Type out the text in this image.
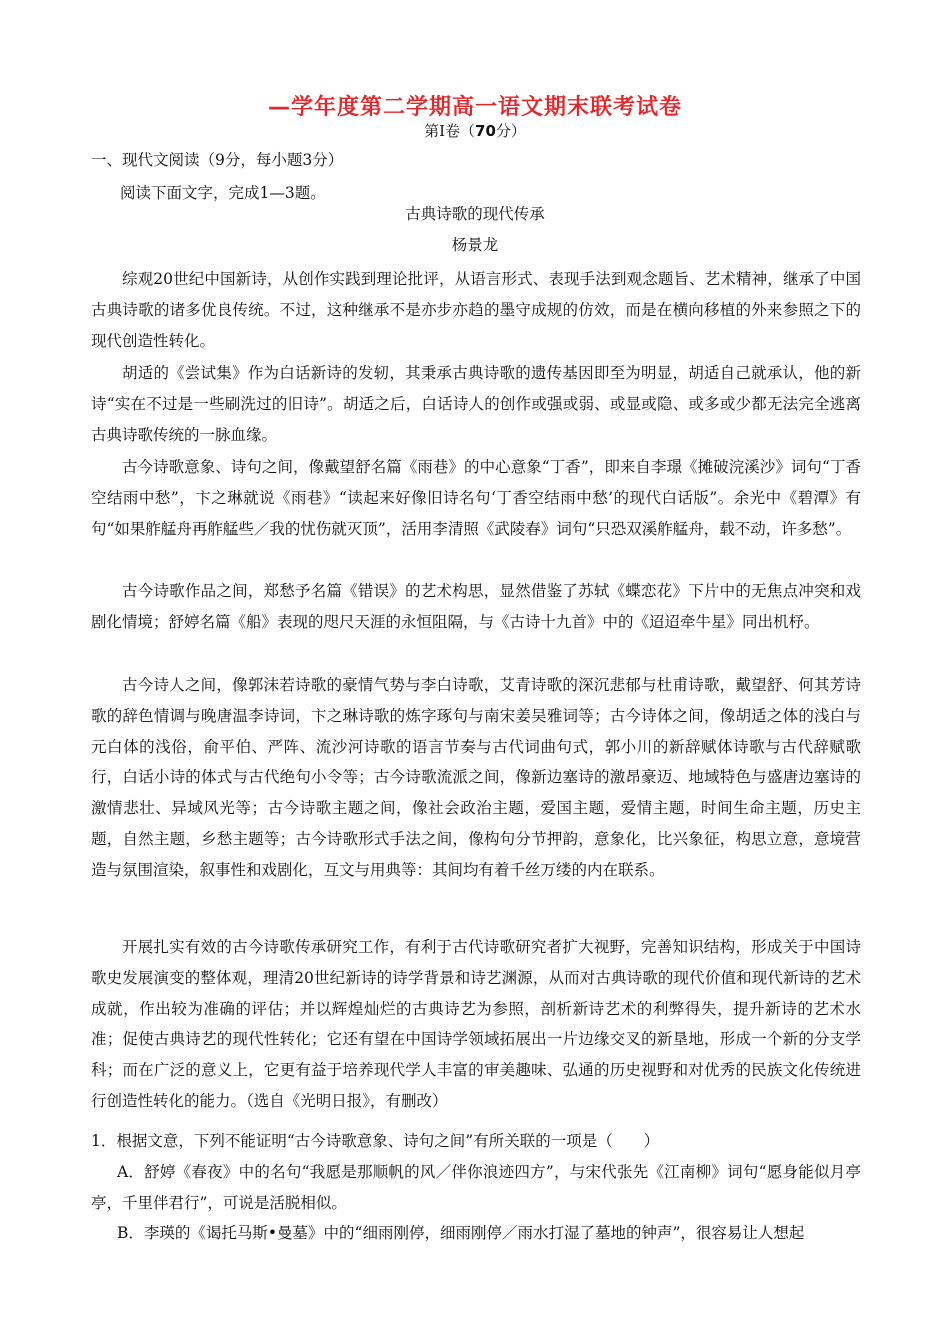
—学年度第二学期高一语文期末联考试卷
第Ⅰ卷（70分）
一、现代文阅读（9分，每小题3分）
阅读下面文字，完成1—3题。
古典诗歌的现代传承
杨景龙

综观20世纪中国新诗，从创作实践到理论批评，从语言形式、表现手法到观念题旨、艺术精神，继承了中国古典诗歌的诸多优良传统。不过，这种继承不是亦步亦趋的墨守成规的仿效，而是在横向移植的外来参照之下的现代创造性转化。

胡适的《尝试集》作为白话新诗的发轫，其秉承古典诗歌的遗传基因即至为明显，胡适自己就承认，他的新诗“实在不过是一些刷洗过的旧诗”。胡适之后，白话诗人的创作或强或弱、或显或隐、或多或少都无法完全逃离古典诗歌传统的一脉血缘。

古今诗歌意象、诗句之间，像戴望舒名篇《雨巷》的中心意象“丁香”，即来自李璟《摊破浣溪沙》词句“丁香空结雨中愁”，卞之琳就说《雨巷》“读起来好像旧诗名句‘丁香空结雨中愁’的现代白话版”。余光中《碧潭》有句“如果舴艋舟再舴艋些／我的忧伤就灭顶”，活用李清照《武陵春》词句“只恐双溪舴艋舟，载不动，许多愁”。

古今诗歌作品之间，郑愁予名篇《错误》的艺术构思，显然借鉴了苏轼《蝶恋花》下片中的无焦点冲突和戏剧化情境；舒婷名篇《船》表现的咫尺天涯的永恒阻隔，与《古诗十九首》中的《迢迢牵牛星》同出机杼。

古今诗人之间，像郭沫若诗歌的豪情气势与李白诗歌，艾青诗歌的深沉悲郁与杜甫诗歌，戴望舒、何其芳诗歌的辞色情调与晚唐温李诗词，卞之琳诗歌的炼字琢句与南宋姜吴雅词等；古今诗体之间，像胡适之体的浅白与元白体的浅俗，俞平伯、严阵、流沙河诗歌的语言节奏与古代词曲句式，郭小川的新辞赋体诗歌与古代辞赋歌行，白话小诗的体式与古代绝句小令等；古今诗歌流派之间，像新边塞诗的激昂豪迈、地域特色与盛唐边塞诗的激情悲壮、异域风光等；古今诗歌主题之间，像社会政治主题，爱国主题，爱情主题，时间生命主题，历史主题，自然主题，乡愁主题等；古今诗歌形式手法之间，像构句分节押韵，意象化，比兴象征，构思立意，意境营造与氛围渲染，叙事性和戏剧化，互文与用典等：其间均有着千丝万缕的内在联系。

开展扎实有效的古今诗歌传承研究工作，有利于古代诗歌研究者扩大视野，完善知识结构，形成关于中国诗歌史发展演变的整体观，理清20世纪新诗的诗学背景和诗艺渊源，从而对古典诗歌的现代价值和现代新诗的艺术成就，作出较为准确的评估；并以辉煌灿烂的古典诗艺为参照，剖析新诗艺术的利弊得失，提升新诗的艺术水准；促使古典诗艺的现代性转化；它还有望在中国诗学领域拓展出一片边缘交叉的新垦地，形成一个新的分支学科；而在广泛的意义上，它更有益于培养现代学人丰富的审美趣味、弘通的历史视野和对优秀的民族文化传统进行创造性转化的能力。（选自《光明日报》，有删改）

1．根据文意，下列不能证明“古今诗歌意象、诗句之间”有所关联的一项是（　　）

A．舒婷《春夜》中的名句“我愿是那顺帆的风／伴你浪迹四方”，与宋代张先《江南柳》词句“愿身能似月亭亭，千里伴君行”，可说是活脱相似。

B．李瑛的《谒托马斯•曼墓》中的“细雨刚停，细雨刚停／雨水打湿了墓地的钟声”，很容易让人想起
